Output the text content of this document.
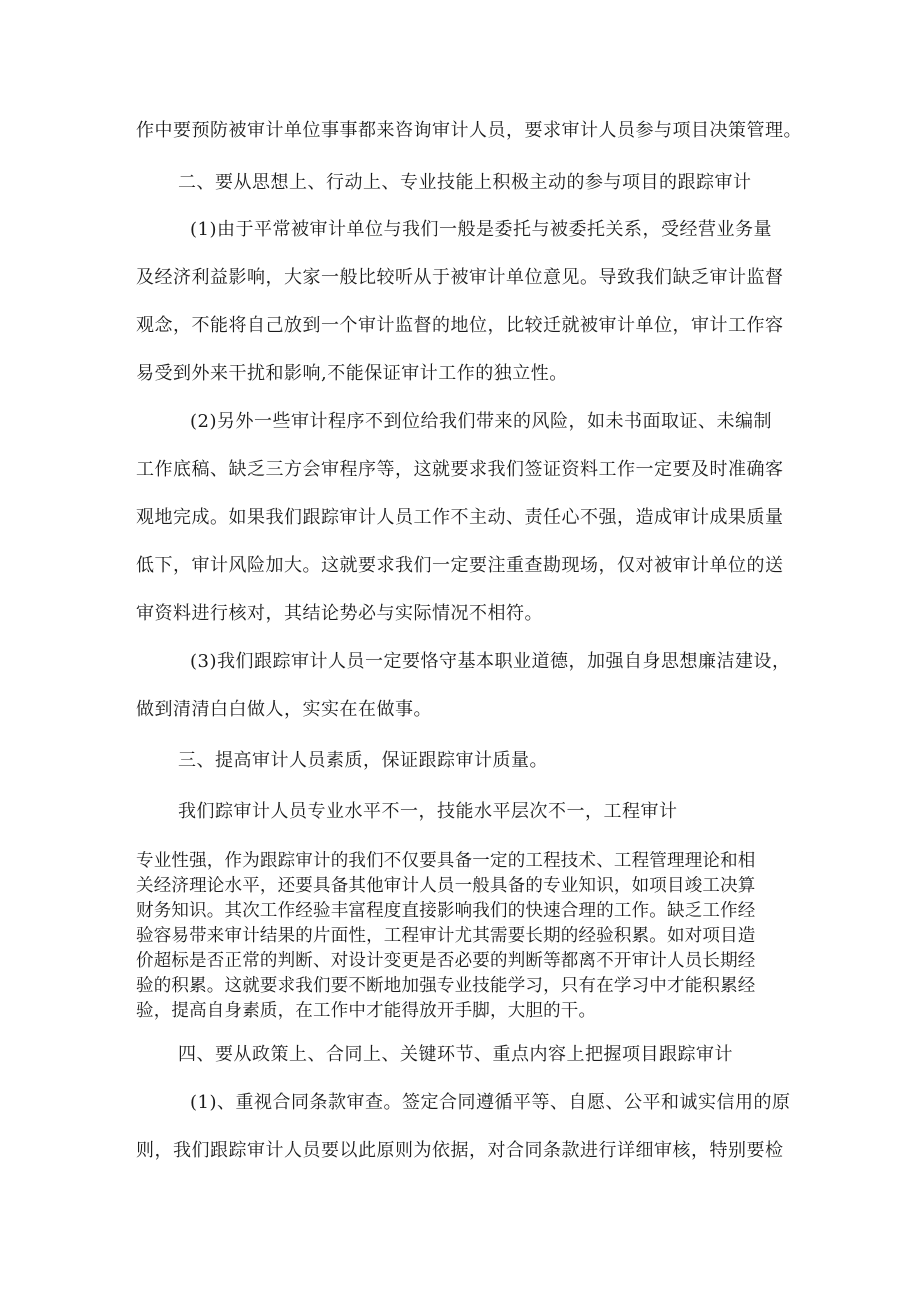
作中要预防被审计单位事事都来咨询审计人员，要求审计人员参与项目决策管理。

二、要从思想上、行动上、专业技能上积极主动的参与项目的跟踪审计

(1)由于平常被审计单位与我们一般是委托与被委托关系，受经营业务量

及经济利益影响，大家一般比较听从于被审计单位意见。导致我们缺乏审计监督

观念，不能将自己放到一个审计监督的地位，比较迁就被审计单位，审计工作容

易受到外来干扰和影响,不能保证审计工作的独立性。

(2)另外一些审计程序不到位给我们带来的风险，如未书面取证、未编制

工作底稿、缺乏三方会审程序等，这就要求我们签证资料工作一定要及时准确客

观地完成。如果我们跟踪审计人员工作不主动、责任心不强，造成审计成果质量

低下，审计风险加大。这就要求我们一定要注重查勘现场，仅对被审计单位的送

审资料进行核对，其结论势必与实际情况不相符。

(3)我们跟踪审计人员一定要恪守基本职业道德，加强自身思想廉洁建设，

做到清清白白做人，实实在在做事。

三、提高审计人员素质，保证跟踪审计质量。

我们踪审计人员专业水平不一，技能水平层次不一，工程审计

专业性强，作为跟踪审计的我们不仅要具备一定的工程技术、工程管理理论和相

关经济理论水平，还要具备其他审计人员一般具备的专业知识，如项目竣工决算

财务知识。其次工作经验丰富程度直接影响我们的快速合理的工作。缺乏工作经

验容易带来审计结果的片面性，工程审计尤其需要长期的经验积累。如对项目造

价超标是否正常的判断、对设计变更是否必要的判断等都离不开审计人员长期经

验的积累。这就要求我们要不断地加强专业技能学习，只有在学习中才能积累经

验，提高自身素质，在工作中才能得放开手脚，大胆的干。

四、要从政策上、合同上、关键环节、重点内容上把握项目跟踪审计

(1)、重视合同条款审查。签定合同遵循平等、自愿、公平和诚实信用的原

则，我们跟踪审计人员要以此原则为依据，对合同条款进行详细审核，特别要检
